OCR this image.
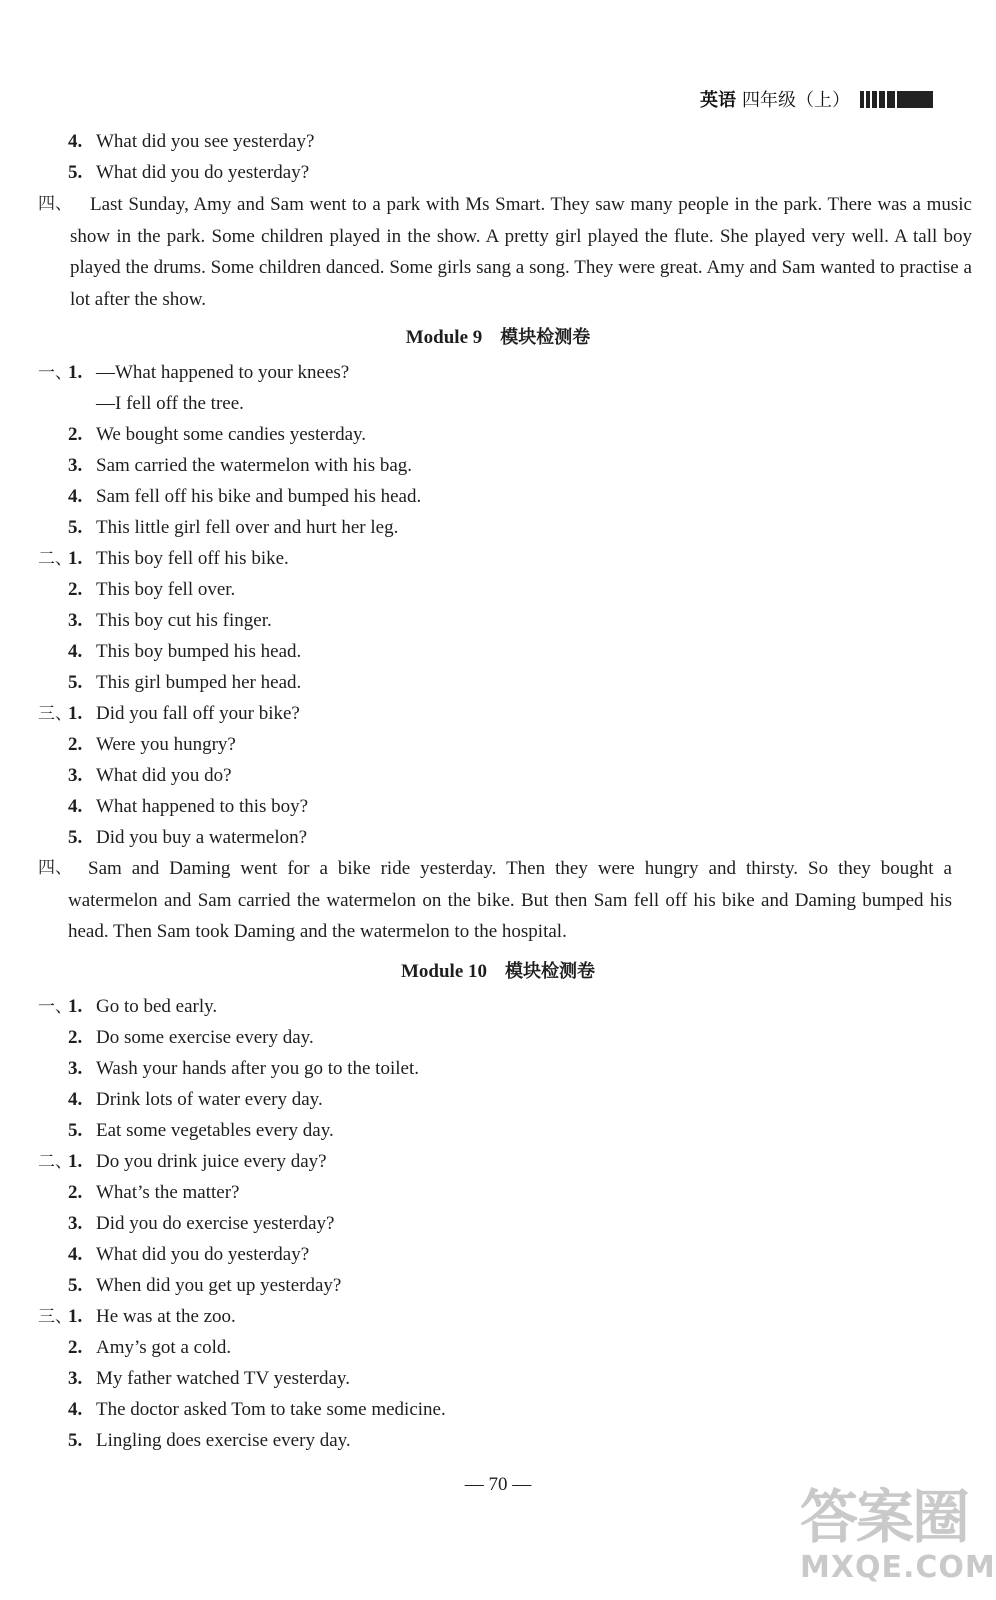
英语 四年级（上）
4. What did you see yesterday?
5. What did you do yesterday?
四、 Last Sunday, Amy and Sam went to a park with Ms Smart. They saw many people in the park. There was a music show in the park. Some children played in the show. A pretty girl played the flute. She played very well. A tall boy played the drums. Some children danced. Some girls sang a song. They were great. Amy and Sam wanted to practise a lot after the show.
Module 9 模块检测卷
一、1. —What happened to your knees?
—I fell off the tree.
2. We bought some candies yesterday.
3. Sam carried the watermelon with his bag.
4. Sam fell off his bike and bumped his head.
5. This little girl fell over and hurt her leg.
二、1. This boy fell off his bike.
2. This boy fell over.
3. This boy cut his finger.
4. This boy bumped his head.
5. This girl bumped her head.
三、1. Did you fall off your bike?
2. Were you hungry?
3. What did you do?
4. What happened to this boy?
5. Did you buy a watermelon?
四、 Sam and Daming went for a bike ride yesterday. Then they were hungry and thirsty. So they bought a watermelon and Sam carried the watermelon on the bike. But then Sam fell off his bike and Daming bumped his head. Then Sam took Daming and the watermelon to the hospital.
Module 10 模块检测卷
一、1. Go to bed early.
2. Do some exercise every day.
3. Wash your hands after you go to the toilet.
4. Drink lots of water every day.
5. Eat some vegetables every day.
二、1. Do you drink juice every day?
2. What’s the matter?
3. Did you do exercise yesterday?
4. What did you do yesterday?
5. When did you get up yesterday?
三、1. He was at the zoo.
2. Amy’s got a cold.
3. My father watched TV yesterday.
4. The doctor asked Tom to take some medicine.
5. Lingling does exercise every day.
— 70 —	答案圈
MXQE.COM
